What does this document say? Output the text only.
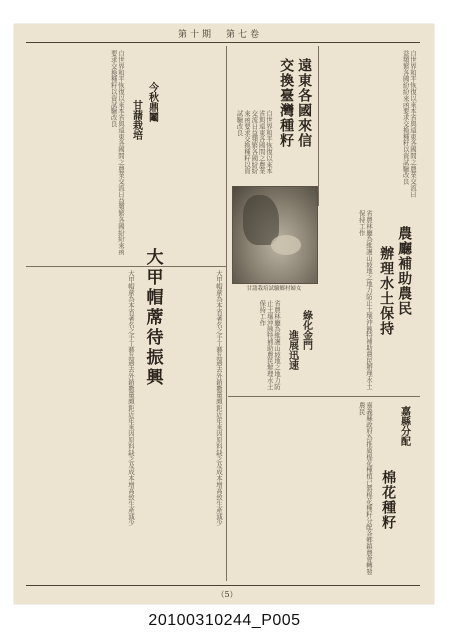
第十期　第七卷
遠東各國來信
交換臺灣種籽	自世界和平恢復以來本省與遠東各國間之農業交流日益頻繁各國紛紛來函要求交換種籽以資試驗改良
自世界和平恢復以來本省與遠東各國間之農業交流日益頻繁各國紛紛來函要求交換種籽以資試驗改良
農廳補助農民
辦理水土保持
省農林廳為維護山坡地之地力防止土壤沖蝕特補助農民辦理水土保持工作
甘藷栽培試驗鄉村婦女
綠化金門
進展迅速
省農林廳為維護山坡地之地力防止土壤沖蝕特補助農民辦理水土保持工作
嘉縣分配
棉花種籽
嘉義縣政府為推廣棉花種植已將棉花種籽分配各鄉鎮農會轉發農民
大甲帽蓆待振興	大甲帽蓆為本省著名之手工藝品過去外銷數量頗鉅近年來因原料缺乏及成本增高致生產減少
大甲帽蓆為本省著名之手工藝品過去外銷數量頗鉅近年來因原料缺乏及成本增高致生產減少
今秋鼎鬮
甘藷栽培
自世界和平恢復以來本省與遠東各國間之農業交流日益頻繁各國紛紛來函要求交換種籽以資試驗改良
（5）
20100310244_P005
